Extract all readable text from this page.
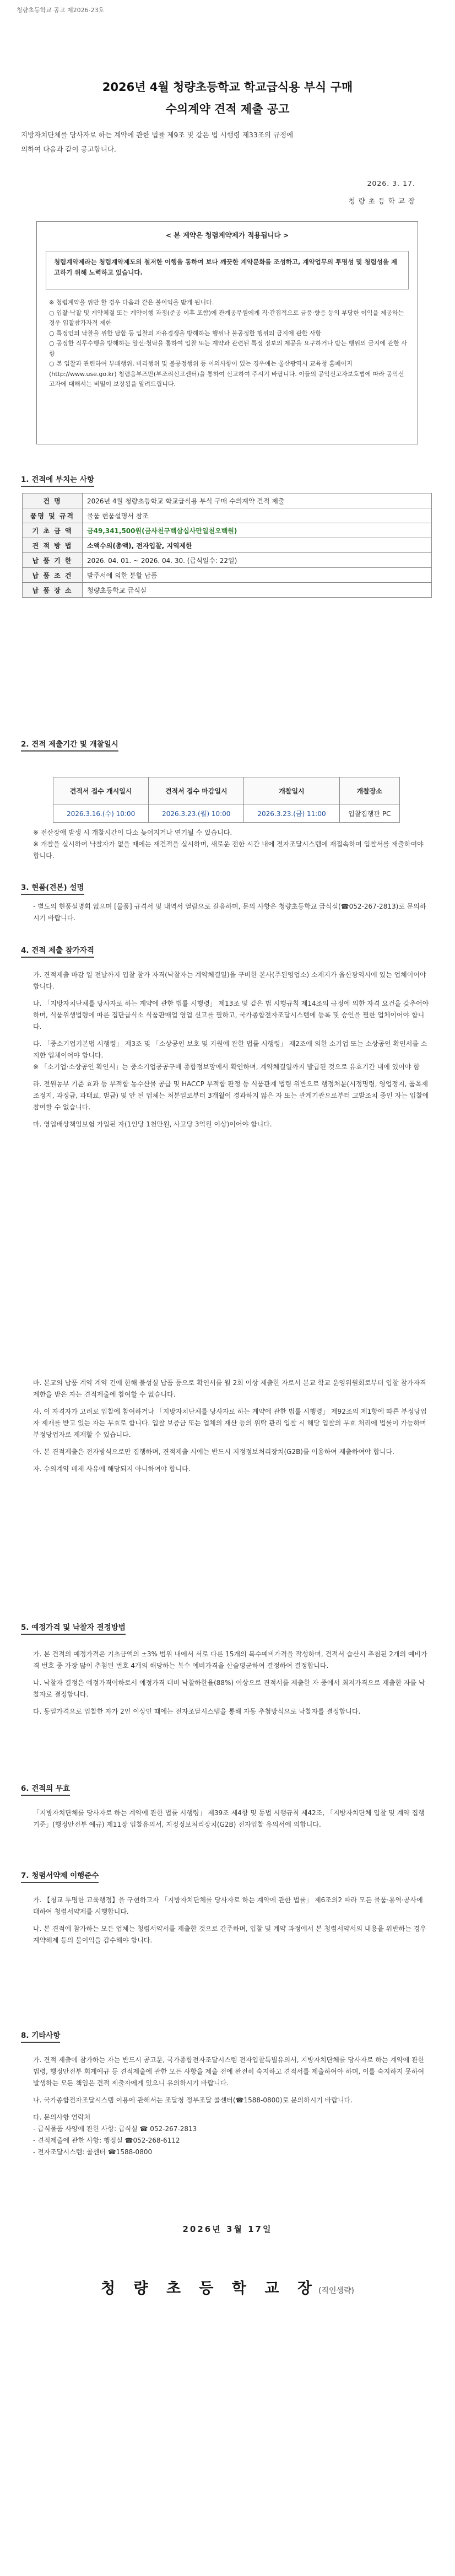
청량초등학교 공고 제2026-23호
2026년 4월 청량초등학교 학교급식용 부식 구매
수의계약 견적 제출 공고
지방자치단체를 당사자로 하는 계약에 관한 법률 제9조 및 같은 법 시행령 제33조의 규정에
의하여 다음과 같이 공고합니다.
2026. 3. 17.
청 량 초 등 학 교 장
< 본 계약은 청렴계약제가 적용됩니다 >
청렴계약제라는 청렴계약제도의 철저한 이행을 통하여 보다 깨끗한 계약문화를 조성하고, 계약업무의 투명성 및 청렴성을 제고하기 위해 노력하고 있습니다.

※ 청렴계약을 위반 할 경우 다음과 같은 불이익을 받게 됩니다.

○ 입찰·낙찰 및 계약체결 또는 계약이행 과정(준공 이후 포함)에 관계공무원에게 직·간접적으로 금품·향응 등의 부당한 이익을 제공하는 경우 입찰참가자격 제한

○ 특정인의 낙찰을 위한 담합 등 입찰의 자유경쟁을 방해하는 행위나 불공정한 행위의 금지에 관한 사항

○ 공정한 직무수행을 방해하는 알선·청탁을 통하여 입찰 또는 계약과 관련된 특정 정보의 제공을 요구하거나 받는 행위의 금지에 관한 사항

○ 본 입찰과 관련하여 부패행위, 비리행위 및 불공정행위 등 이의사항이 있는 경우에는 울산광역시 교육청 홈페이지(http://www.use.go.kr) 청렴옴부즈만(부조리신고센터)을 통하여 신고하여 주시기 바랍니다. 이들의 공익신고자보호법에 따라 공익신고자에 대해서는 비밀이 보장됨을 알려드립니다.

1. 견적에 부치는 사항
건 명	2026년 4월 청량초등학교 학교급식용 부식 구매 수의계약 견적 제출
품명 및 규격	물품 현품설명서 참조
기 초 금 액	금49,341,500원(금사천구백삼십사만일천오백원)
견 적 방 법	소액수의(총액), 전자입찰, 지역제한
납 품 기 한	2026. 04. 01. ~ 2026. 04. 30. (급식일수: 22일)
납 품 조 건	발주서에 의한 분할 납품
납 품 장 소	청량초등학교 급식실
2. 견적 제출기간 및 개찰일시
견적서 접수 개시일시	견적서 접수 마감일시	개찰일시	개찰장소
2026.3.16.(수) 10:00	2026.3.23.(월) 10:00	2026.3.23.(금) 11:00	입찰집행관 PC

※ 전산장애 발생 시 개찰시간이 다소 늦어지거나 연기될 수 있습니다.

※ 개찰을 실시하여 낙찰자가 없을 때에는 재견적을 실시하며, 새로운 전한 시간 내에 전자조달시스템에 재접속하여 입찰서를 재출하여야 합니다.

3. 현품(견본) 설명

- 별도의 현품설명회 없으며 [물품] 규격서 및 내역서 열람으로 갈음하며, 문의 사항은 청량초등학교 급식실(☎052-267-2813)로 문의하시기 바랍니다.

4. 견적 제출 참가자격

가. 견적제출 마감 일 전날까지 입찰 참가 자격(낙찰자는 계약체결일)을 구비한 본사(주된영업소) 소재지가 울산광역시에 있는 업체이어야 합니다.

나. 「지방자치단체를 당사자로 하는 계약에 관한 법률 시행령」 제13조 및 같은 법 시행규칙 제14조의 규정에 의한 자격 요건을 갖추어야 하며, 식품위생법령에 따른 집단급식소 식품판매업 영업 신고를 필하고, 국가종합전자조달시스템에 등록 및 승인을 필한 업체이어야 합니다.

다. 「중소기업기본법 시행령」 제3조 및 「소상공인 보호 및 지원에 관한 법률 시행령」 제2조에 의한 소기업 또는 소상공인 확인서를 소지한 업체이어야 합니다.

※ 「소기업·소상공인 확인서」는 중소기업공공구매 종합정보망에서 확인하며, 계약체결일까지 발급된 것으로 유효기간 내에 있어야 함

라. 전원농부 기준 효과 등 부적합 농수산물 공급 및 HACCP 부적합 판정 등 식품관계 법령 위반으로 행정처분(시정명령, 영업정지, 품목제조정지, 과징금, 과태료, 벌금) 및 안 된 업체는 처분일로부터 3개월이 경과하지 않은 자 또는 관계기관으로부터 고발조치 중인 자는 입찰에 참여할 수 없습니다.

마. 영업배상책임보험 가입된 자(1인당 1천만원, 사고당 3억원 이상)이어야 합니다.

바. 본교의 납품 계약 계약 건에 한해 불성실 납품 등으로 확인서를 월 2회 이상 제출한 자로서 본교 학교 운영위원회로부터 입찰 참가자격 제한을 받은 자는 견적제출에 참여할 수 없습니다.

사. 이 자격자가 고려로 입찰에 참여하거나 「지방자치단체를 당사자로 하는 계약에 관한 법률 시행령」 제92조의 제1항에 따른 부정당업자 제재를 받고 있는 자는 무효로 합니다. 입찰 보증금 또는 업체의 재산 등의 위탁 관리 입찰 시 해당 입찰의 무효 처리에 법률이 가능하며 부정당업자로 제재할 수 있습니다.

아. 본 견적제출은 전자방식으로만 집행하며, 견적제출 시에는 반드시 지정정보처리장치(G2B)를 이용하여 제출하여야 합니다.

자. 수의계약 배제 사유에 해당되지 아니하여야 합니다.

5. 예정가격 및 낙찰자 결정방법

가. 본 견적의 예정가격은 기초금액의 ±3% 범위 내에서 서로 다른 15개의 복수예비가격을 작성하며, 견적서 습산시 추첨된 2개의 예비가격 번호 중 가장 많이 추첨된 번호 4개의 해당하는 복수 예비가격을 산술평균하여 결정하여 결정합니다.

나. 낙찰자 결정은 예정가격이하로서 예정가격 대비 낙찰하한율(88%) 이상으로 견적서를 제출한 자 중에서 최저가격으로 제출한 자를 낙찰자로 결정합니다.

다. 동일가격으로 입찰한 자가 2인 이상인 때에는 전자조달시스템을 통해 자동 추첨방식으로 낙찰자를 결정합니다.

6. 견적의 무효

「지방자치단체를 당사자로 하는 계약에 관한 법률 시행령」 제39조 제4항 및 동법 시행규칙 제42조, 「지방자치단체 입찰 및 계약 집행기준」(행정안전부 예규) 제11장 입찰유의서, 지정정보처리장치(G2B) 전자입찰 유의서에 의합니다.

7. 청렴서약제 이행준수

가. 【청교 투명한 교육행정】을 구현하고자 「지방자치단체를 당사자로 하는 계약에 관한 법률」 제6조의2 따라 모든 물품·용역·공사에 대하여 청렴서약제를 시행합니다.

나. 본 견적에 참가하는 모든 업체는 청렴서약서를 제출한 것으로 간주하며, 입찰 및 계약 과정에서 본 청렴서약서의 내용을 위반하는 경우 계약해제 등의 불이익을 감수해야 합니다.

8. 기타사항

가. 견적 제출에 참가하는 자는 반드시 공고문, 국가종합전자조달시스템 전자입찰특별유의서, 지방자치단체를 당사자로 하는 계약에 관한 법령, 행정안전부 회계예규 등 견적제출에 관한 모든 사항을 제출 전에 완전히 숙지하고 견적서를 제출하여야 하며, 이를 숙지하지 못하여 발생하는 모든 책임은 견적 제출자에게 있으니 유의하시기 바랍니다.

나. 국가종합전자조달시스템 이용에 관해서는 조달청 정부조달 콜센터(☎1588-0800)로 문의하시기 바랍니다.

다. 문의사항 연락처

- 급식물품 사양에 관한 사항: 급식실 ☎ 052-267-2813

- 견적제출에 관한 사항: 행정실 ☎052-268-6112

- 전자조달시스템: 콜센터 ☎1588-0800

2026년 3월 17일
청 량 초 등 학 교 장(직인생략)
